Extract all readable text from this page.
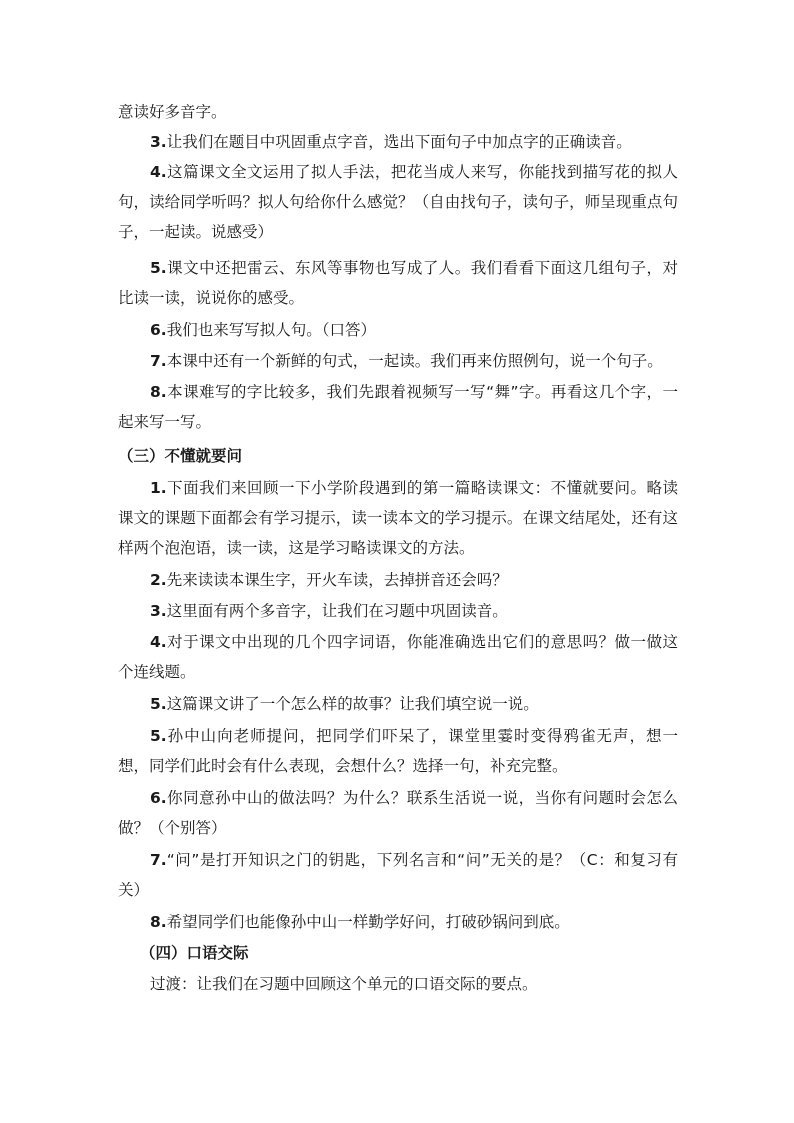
意读好多音字。

3.让我们在题目中巩固重点字音，选出下面句子中加点字的正确读音。

4.这篇课文全文运用了拟人手法，把花当成人来写，你能找到描写花的拟人句，读给同学听吗？拟人句给你什么感觉？（自由找句子，读句子，师呈现重点句子，一起读。说感受）

5.课文中还把雷云、东风等事物也写成了人。我们看看下面这几组句子，对比读一读，说说你的感受。

6.我们也来写写拟人句。（口答）

7.本课中还有一个新鲜的句式，一起读。我们再来仿照例句，说一个句子。

8.本课难写的字比较多，我们先跟着视频写一写“舞”字。再看这几个字，一起来写一写。

（三）不懂就要问

1.下面我们来回顾一下小学阶段遇到的第一篇略读课文：不懂就要问。略读课文的课题下面都会有学习提示，读一读本文的学习提示。在课文结尾处，还有这样两个泡泡语，读一读，这是学习略读课文的方法。

2.先来读读本课生字，开火车读，去掉拼音还会吗？

3.这里面有两个多音字，让我们在习题中巩固读音。

4.对于课文中出现的几个四字词语，你能准确选出它们的意思吗？做一做这个连线题。

5.这篇课文讲了一个怎么样的故事？让我们填空说一说。

5.孙中山向老师提问，把同学们吓呆了，课堂里霎时变得鸦雀无声，想一想，同学们此时会有什么表现，会想什么？选择一句，补充完整。

6.你同意孙中山的做法吗？为什么？联系生活说一说，当你有问题时会怎么做？（个别答）

7.“问”是打开知识之门的钥匙，下列名言和“问”无关的是？（C：和复习有关）

8.希望同学们也能像孙中山一样勤学好问，打破砂锅问到底。

（四）口语交际

过渡：让我们在习题中回顾这个单元的口语交际的要点。
